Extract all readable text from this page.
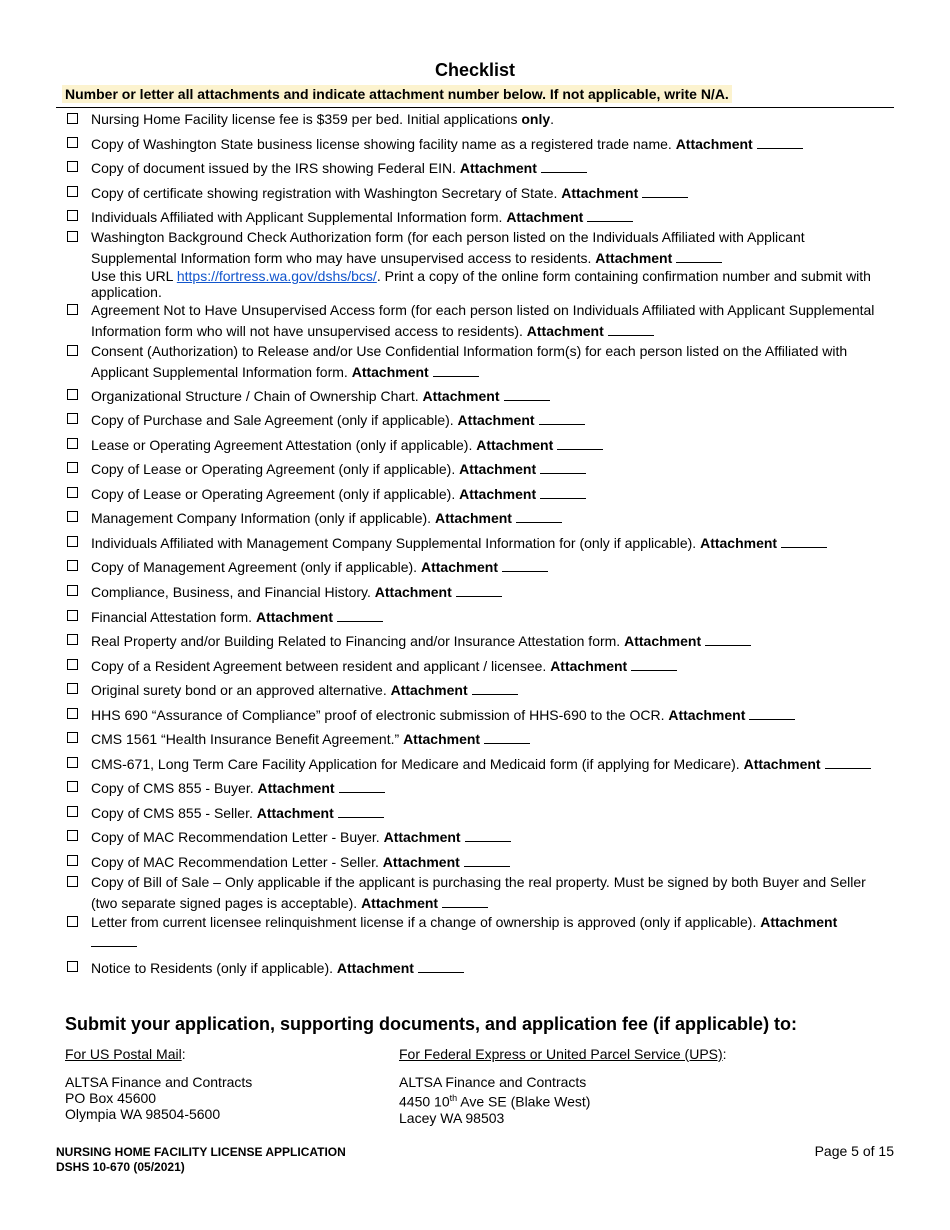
Checklist
Number or letter all attachments and indicate attachment number below. If not applicable, write N/A.
Nursing Home Facility license fee is $359 per bed. Initial applications only.
Copy of Washington State business license showing facility name as a registered trade name. Attachment
Copy of document issued by the IRS showing Federal EIN. Attachment
Copy of certificate showing registration with Washington Secretary of State. Attachment
Individuals Affiliated with Applicant Supplemental Information form. Attachment
Washington Background Check Authorization form (for each person listed on the Individuals Affiliated with Applicant Supplemental Information form who may have unsupervised access to residents. Attachment
Use this URL https://fortress.wa.gov/dshs/bcs/. Print a copy of the online form containing confirmation number and submit with application.
Agreement Not to Have Unsupervised Access form (for each person listed on Individuals Affiliated with Applicant Supplemental Information form who will not have unsupervised access to residents). Attachment
Consent (Authorization) to Release and/or Use Confidential Information form(s) for each person listed on the Affiliated with Applicant Supplemental Information form. Attachment
Organizational Structure / Chain of Ownership Chart. Attachment
Copy of Purchase and Sale Agreement (only if applicable). Attachment
Lease or Operating Agreement Attestation (only if applicable). Attachment
Copy of Lease or Operating Agreement (only if applicable). Attachment
Copy of Lease or Operating Agreement (only if applicable). Attachment
Management Company Information (only if applicable). Attachment
Individuals Affiliated with Management Company Supplemental Information for (only if applicable). Attachment
Copy of Management Agreement (only if applicable). Attachment
Compliance, Business, and Financial History. Attachment
Financial Attestation form. Attachment
Real Property and/or Building Related to Financing and/or Insurance Attestation form. Attachment
Copy of a Resident Agreement between resident and applicant / licensee. Attachment
Original surety bond or an approved alternative. Attachment
HHS 690 “Assurance of Compliance” proof of electronic submission of HHS-690 to the OCR. Attachment
CMS 1561 “Health Insurance Benefit Agreement.” Attachment
CMS-671, Long Term Care Facility Application for Medicare and Medicaid form (if applying for Medicare). Attachment
Copy of CMS 855 - Buyer. Attachment
Copy of CMS 855 - Seller. Attachment
Copy of MAC Recommendation Letter - Buyer. Attachment
Copy of MAC Recommendation Letter - Seller. Attachment
Copy of Bill of Sale – Only applicable if the applicant is purchasing the real property. Must be signed by both Buyer and Seller (two separate signed pages is acceptable). Attachment
Letter from current licensee relinquishment license if a change of ownership is approved (only if applicable). Attachment
Notice to Residents (only if applicable). Attachment
Submit your application, supporting documents, and application fee (if applicable) to:
For US Postal Mail:
ALTSA Finance and Contracts
PO Box 45600
Olympia WA 98504-5600
For Federal Express or United Parcel Service (UPS):
ALTSA Finance and Contracts
4450 10th Ave SE (Blake West)
Lacey WA 98503
NURSING HOME FACILITY LICENSE APPLICATION
DSHS 10-670 (05/2021)
Page 5 of 15
